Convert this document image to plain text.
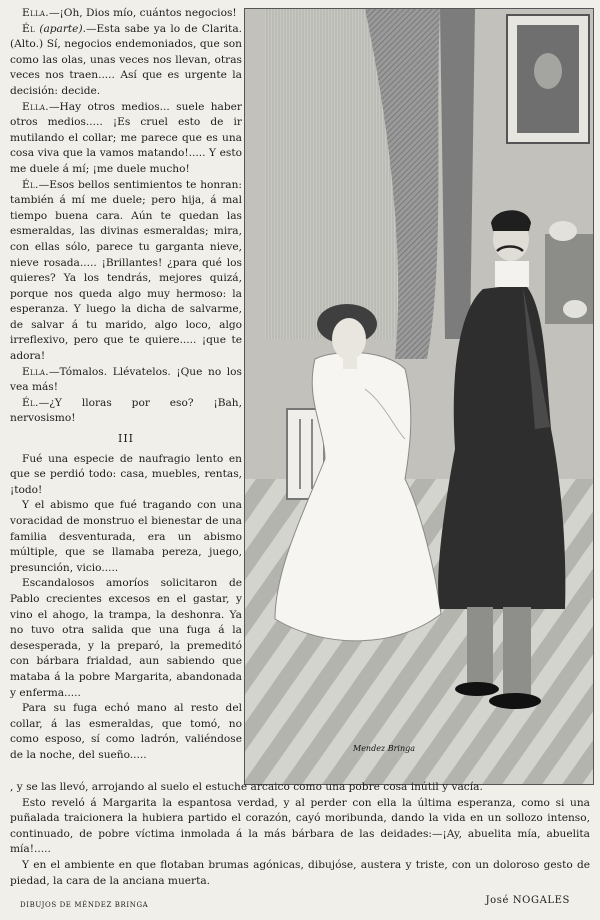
Ella.—¡Oh, Dios mío, cuántos negocios!

Él (aparte).—Esta sabe ya lo de Clarita. (Alto.) Sí, negocios endemoniados, que son como las olas, unas veces nos llevan, otras veces nos traen..... Así que es urgente la decisión: decide.

Ella.—Hay otros medios... suele haber otros medios..... ¡Es cruel esto de ir mutilando el collar; me parece que es una cosa viva que la vamos matando!..... Y esto me duele á mí; ¡me duele mucho!

Él.—Esos bellos sentimientos te honran: también á mí me duele; pero hija, á mal tiempo buena cara. Aún te quedan las esmeraldas, las divinas esmeraldas; mira, con ellas sólo, parece tu garganta nieve, nieve rosada..... ¡Brillantes! ¿para qué los quieres? Ya los tendrás, mejores quizá, porque nos queda algo muy hermoso: la esperanza. Y luego la dicha de salvarme, de salvar á tu marido, algo loco, algo irreflexivo, pero que te quiere..... ¡que te adora!

Ella.—Tómalos. Llévatelos. ¡Que no los vea más!

Él.—¿Y lloras por eso? ¡Bah, nervosismo!

III

Fué una especie de naufragio lento en que se perdió todo: casa, muebles, rentas, ¡todo!

Y el abismo que fué tragando con una voracidad de monstruo el bienestar de una familia desventurada, era un abismo múltiple, que se llamaba pereza, juego, presunción, vicio.....

Escandalosos amoríos solicitaron de Pablo crecientes excesos en el gastar, y vino el ahogo, la trampa, la deshonra. Ya no tuvo otra salida que una fuga á la desesperada, y la preparó, la premeditó con bárbara frialdad, aun sabiendo que mataba á la pobre Margarita, abandonada y enferma.....

Para su fuga echó mano al resto del collar, á las esmeraldas, que tomó, no como esposo, sí como ladrón, valiéndose de la noche, del sueño.....

Mendez Bringa

, y se las llevó, arrojando al suelo el estuche arcaico como una pobre cosa inútil y vacía.

Esto reveló á Margarita la espantosa verdad, y al perder con ella la última esperanza, como si una puñalada traicionera la hubiera partido el corazón, cayó moribunda, dando la vida en un sollozo intenso, continuado, de pobre víctima inmolada á la más bárbara de las deidades:—¡Ay, abuelita mía, abuelita mía!.....

Y en el ambiente en que flotaban brumas agónicas, dibujóse, austera y triste, con un doloroso gesto de piedad, la cara de la anciana muerta.

DIBUJOS DE MÉNDEZ BRINGA	José NOGALES
